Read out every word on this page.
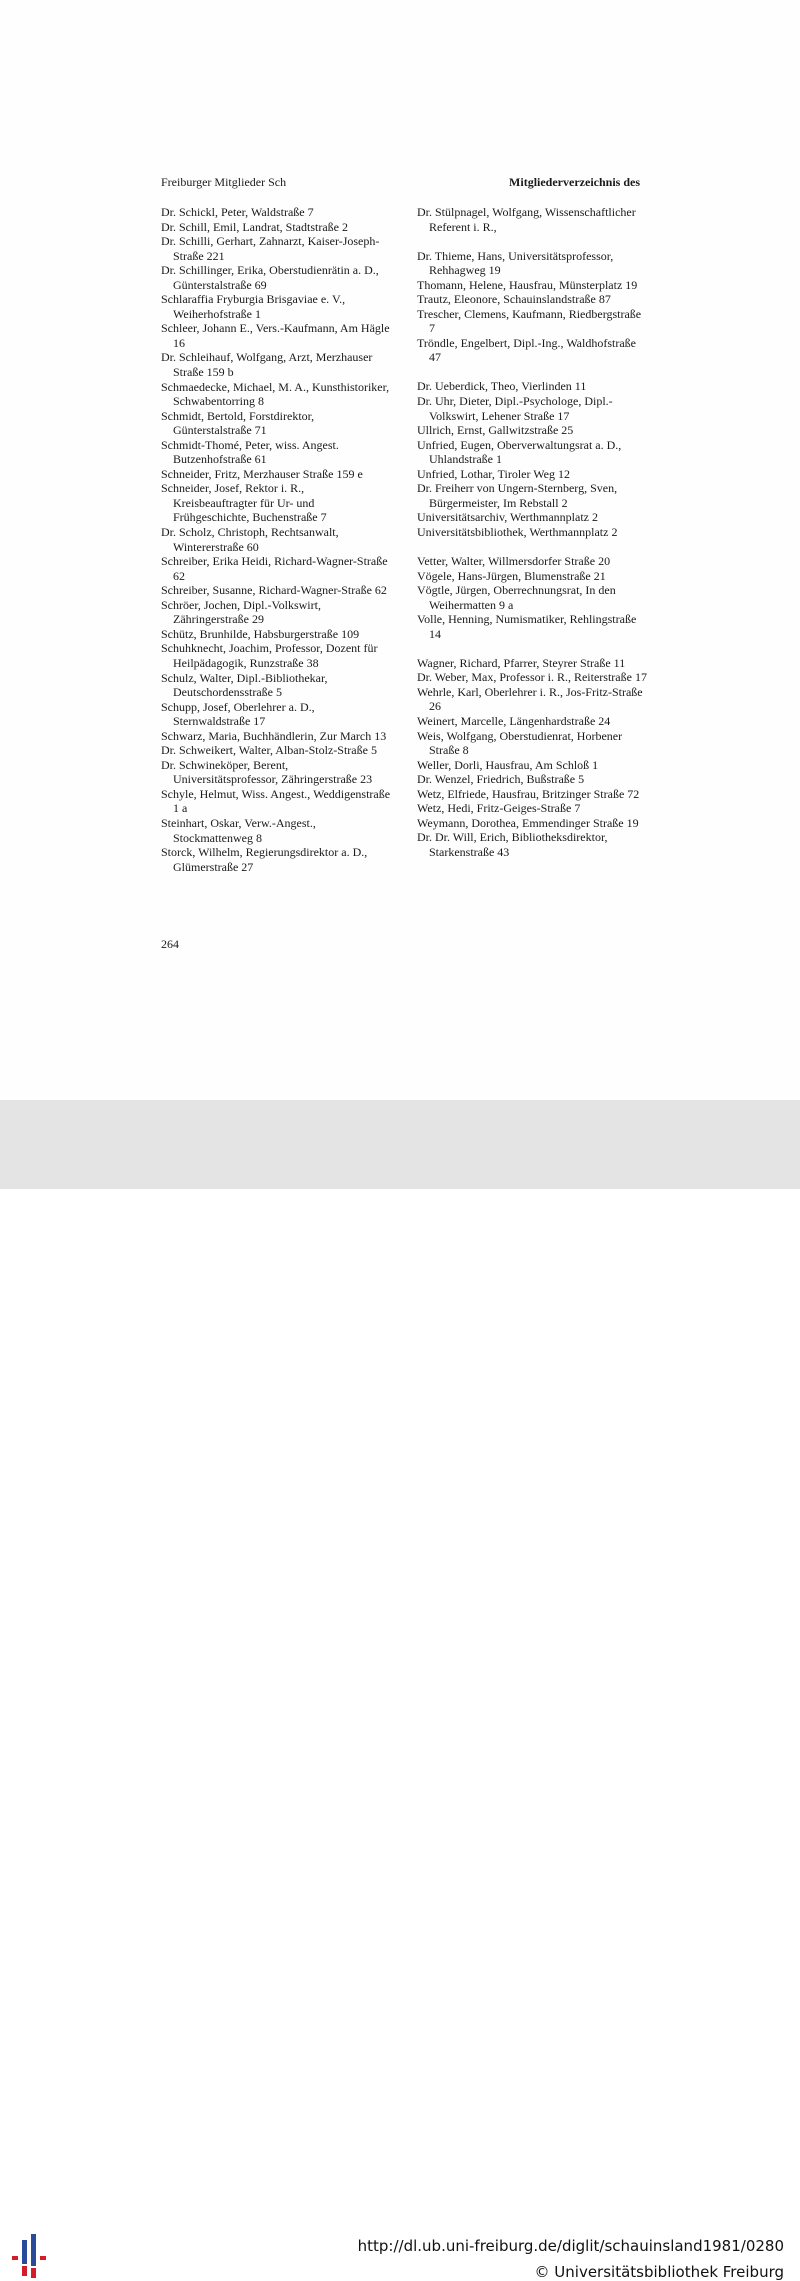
Freiburger Mitglieder Sch	Mitgliederverzeichnis des
Dr. Schickl, Peter, Waldstraße 7
Dr. Schill, Emil, Landrat, Stadtstraße 2
Dr. Schilli, Gerhart, Zahnarzt, Kaiser-Joseph-Straße 221
Dr. Schillinger, Erika, Oberstudienrätin a. D., Günterstalstraße 69
Schlaraffia Fryburgia Brisgaviae e. V., Weiherhofstraße 1
Schleer, Johann E., Vers.-Kaufmann, Am Hägle 16
Dr. Schleihauf, Wolfgang, Arzt, Merzhauser Straße 159 b
Schmaedecke, Michael, M. A., Kunsthistoriker, Schwabentorring 8
Schmidt, Bertold, Forstdirektor, Günterstalstraße 71
Schmidt-Thomé, Peter, wiss. Angest. Butzenhofstraße 61
Schneider, Fritz, Merzhauser Straße 159 e
Schneider, Josef, Rektor i. R., Kreisbeauftragter für Ur- und Frühgeschichte, Buchenstraße 7
Dr. Scholz, Christoph, Rechtsanwalt, Wintererstraße 60
Schreiber, Erika Heidi, Richard-Wagner-Straße 62
Schreiber, Susanne, Richard-Wagner-Straße 62
Schröer, Jochen, Dipl.-Volkswirt, Zähringerstraße 29
Schütz, Brunhilde, Habsburgerstraße 109
Schuhknecht, Joachim, Professor, Dozent für Heilpädagogik, Runzstraße 38
Schulz, Walter, Dipl.-Bibliothekar, Deutschordensstraße 5
Schupp, Josef, Oberlehrer a. D., Sternwaldstraße 17
Schwarz, Maria, Buchhändlerin, Zur March 13
Dr. Schweikert, Walter, Alban-Stolz-Straße 5
Dr. Schwineköper, Berent, Universitätsprofessor, Zähringerstraße 23
Schyle, Helmut, Wiss. Angest., Weddigenstraße 1 a
Steinhart, Oskar, Verw.-Angest., Stockmattenweg 8
Storck, Wilhelm, Regierungsdirektor a. D., Glümerstraße 27
Dr. Stülpnagel, Wolfgang, Wissenschaftlicher Referent i. R.,
Dr. Thieme, Hans, Universitätsprofessor, Rehhagweg 19
Thomann, Helene, Hausfrau, Münsterplatz 19
Trautz, Eleonore, Schauinslandstraße 87
Trescher, Clemens, Kaufmann, Riedbergstraße 7
Tröndle, Engelbert, Dipl.-Ing., Waldhofstraße 47
Dr. Ueberdick, Theo, Vierlinden 11
Dr. Uhr, Dieter, Dipl.-Psychologe, Dipl.-Volkswirt, Lehener Straße 17
Ullrich, Ernst, Gallwitzstraße 25
Unfried, Eugen, Oberverwaltungsrat a. D., Uhlandstraße 1
Unfried, Lothar, Tiroler Weg 12
Dr. Freiherr von Ungern-Sternberg, Sven, Bürgermeister, Im Rebstall 2
Universitätsarchiv, Werthmannplatz 2
Universitätsbibliothek, Werthmannplatz 2
Vetter, Walter, Willmersdorfer Straße 20
Vögele, Hans-Jürgen, Blumenstraße 21
Vögtle, Jürgen, Oberrechnungsrat, In den Weihermatten 9 a
Volle, Henning, Numismatiker, Rehlingstraße 14
Wagner, Richard, Pfarrer, Steyrer Straße 11
Dr. Weber, Max, Professor i. R., Reiterstraße 17
Wehrle, Karl, Oberlehrer i. R., Jos-Fritz-Straße 26
Weinert, Marcelle, Längenhardstraße 24
Weis, Wolfgang, Oberstudienrat, Horbener Straße 8
Weller, Dorli, Hausfrau, Am Schloß 1
Dr. Wenzel, Friedrich, Bußstraße 5
Wetz, Elfriede, Hausfrau, Britzinger Straße 72
Wetz, Hedi, Fritz-Geiges-Straße 7
Weymann, Dorothea, Emmendinger Straße 19
Dr. Dr. Will, Erich, Bibliotheksdirektor, Starkenstraße 43
264
http://dl.ub.uni-freiburg.de/diglit/schauinsland1981/0280
© Universitätsbibliothek Freiburg
